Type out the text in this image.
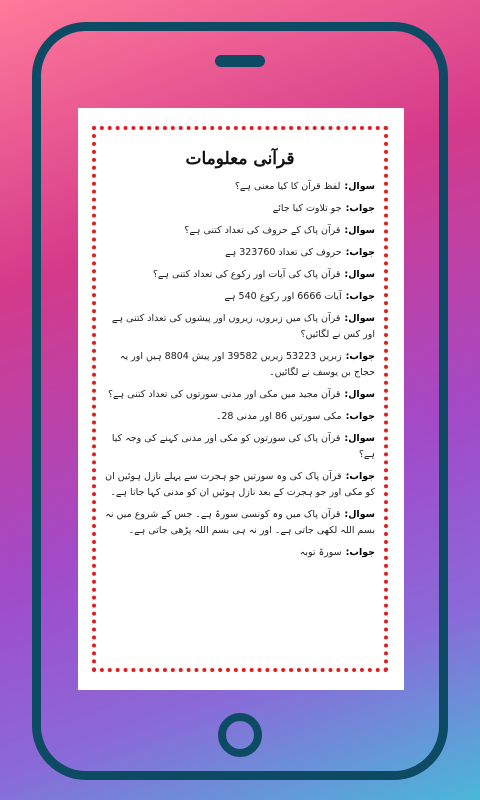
قرآنی معلومات

سوال:لفظ قرآن کا کیا معنی ہے؟

جواب:جو تلاوت کیا جائے

سوال:قرآن پاک کے حروف کی تعداد کتنی ہے؟

جواب:حروف کی تعداد 323760 ہے

سوال:قرآن پاک کی آیات اور رکوع کی تعداد کتنی ہے؟

جواب:آیات 6666 اور رکوع 540 ہے

سوال:قرآن پاک میں زبروں، زیروں اور پیشوں کی تعداد کتنی ہے اور کس نے لگائیں؟

جواب:زبریں 53223 زیریں 39582 اور پیش 8804 ہیں اور یہ حجاج بن یوسف نے لگائیں۔

سوال:قرآن مجید میں مکی اور مدنی سورتوں کی تعداد کتنی ہے؟

جواب:مکی سورتیں 86 اور مدنی 28۔

سوال:قرآن پاک کی سورتوں کو مکی اور مدنی کہنے کی وجہ کیا ہے؟

جواب:قرآن پاک کی وہ سورتیں جو ہجرت سے پہلے نازل ہوئیں ان کو مکی اور جو ہجرت کے بعد نازل ہوئیں ان کو مدنی کہا جاتا ہے۔

سوال:قرآن پاک میں وہ کونسی سورۃ ہے۔ جس کے شروع میں نہ بسم اللہ لکھی جاتی ہے۔ اور نہ ہی بسم اللہ پڑھی جاتی ہے۔

جواب:سورۃ توبہ
